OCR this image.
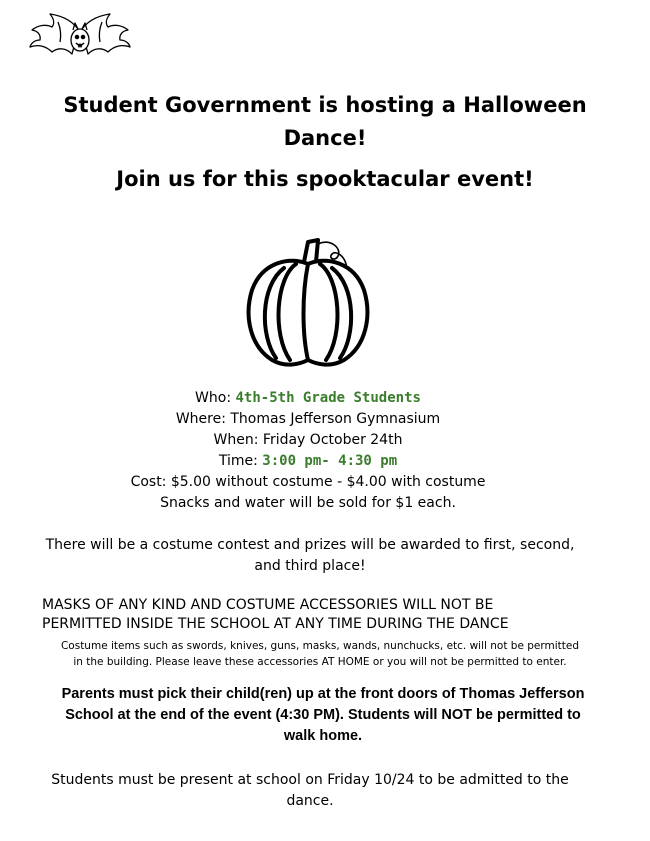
Student Government is hosting a Halloween
Dance!
Join us for this spooktacular event!
Who: 4th-5th Grade Students
Where: Thomas Jefferson Gymnasium
When: Friday October 24th
Time: 3:00 pm- 4:30 pm
Cost: $5.00 without costume - $4.00 with costume
Snacks and water will be sold for $1 each.
There will be a costume contest and prizes will be awarded to first, second,
and third place!
MASKS OF ANY KIND AND COSTUME ACCESSORIES WILL NOT BE
PERMITTED INSIDE THE SCHOOL AT ANY TIME DURING THE DANCE
Costume items such as swords, knives, guns, masks, wands, nunchucks, etc. will not be permitted
in the building. Please leave these accessories AT HOME or you will not be permitted to enter.
Parents must pick their child(ren) up at the front doors of Thomas Jefferson
School at the end of the event (4:30 PM). Students will NOT be permitted to
walk home.
Students must be present at school on Friday 10/24 to be admitted to the
dance.
